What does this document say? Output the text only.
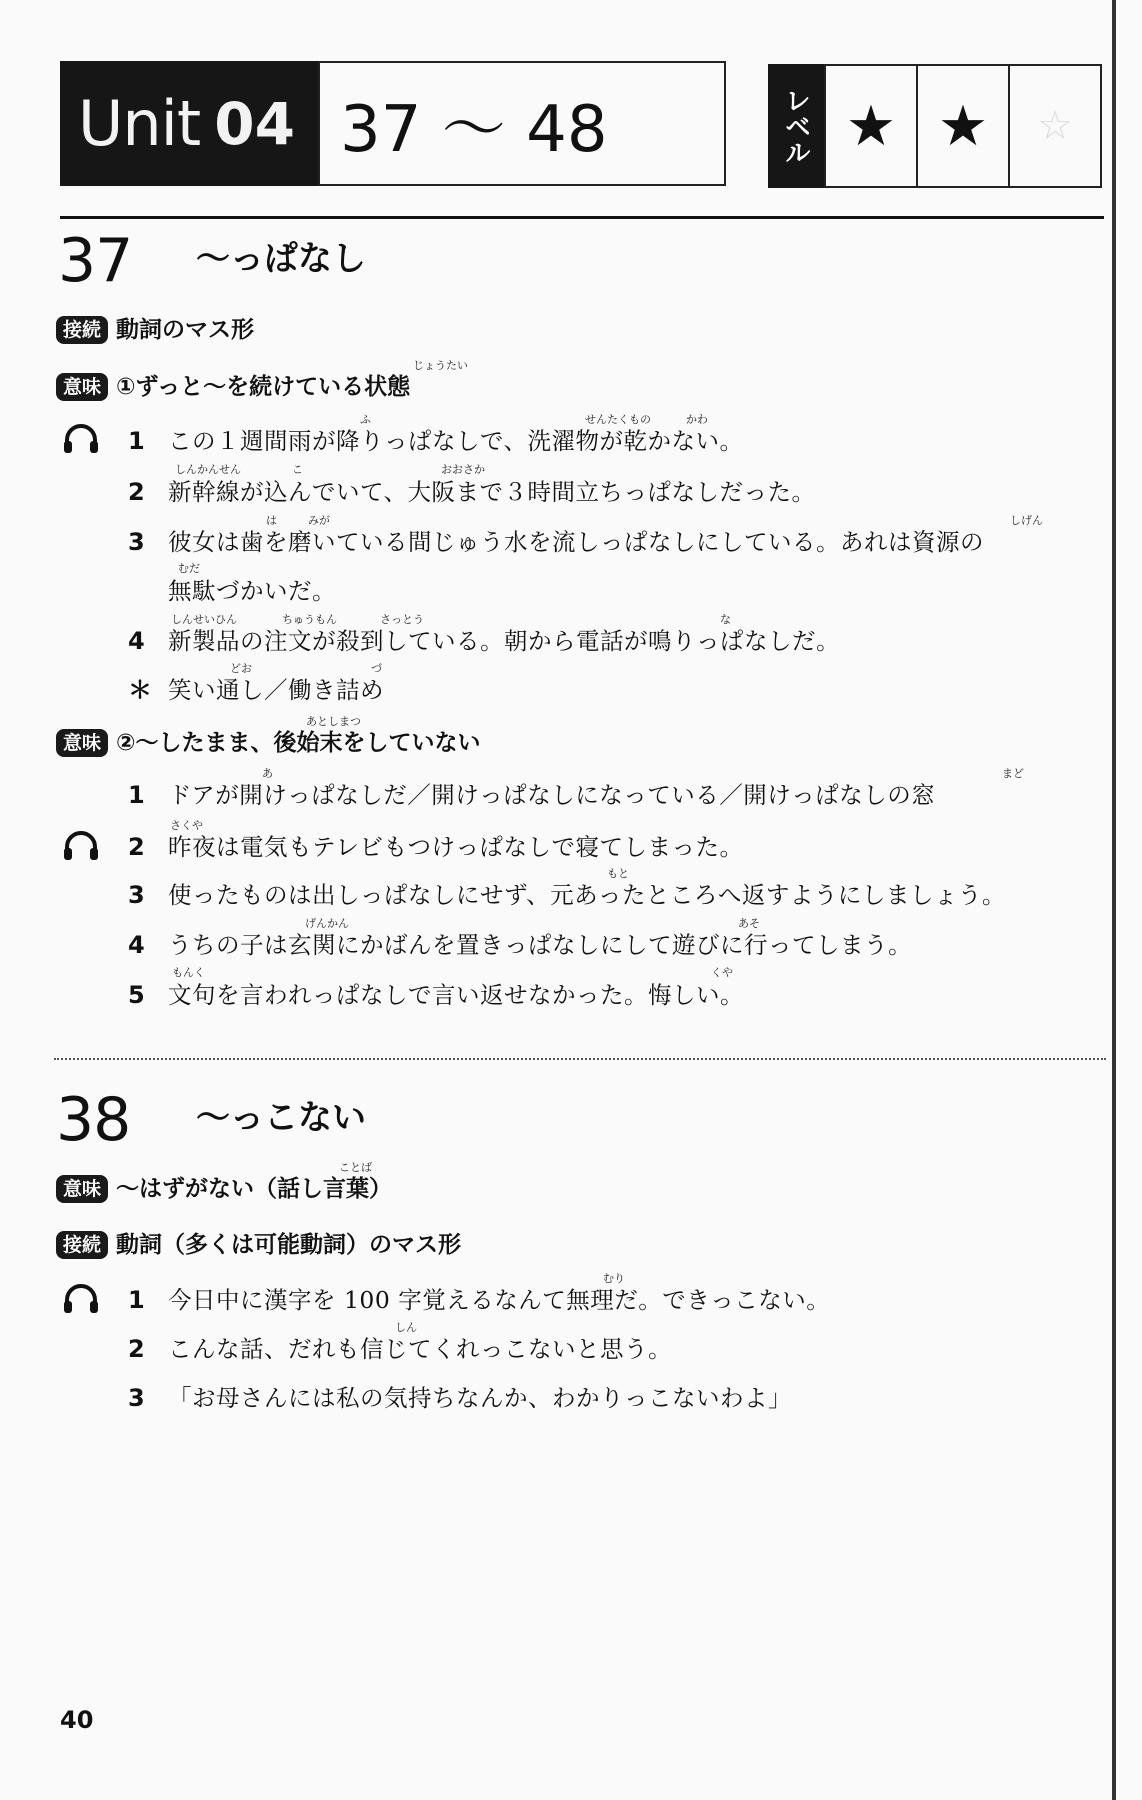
Unit 04 37 〜 48	レベル ★ ★	☆
37 〜っぱなし
接続 動詞のマス形
じょうたい
意味 ①ずっと〜を続けている状態
ふ	せんたくもの	かわ
1 この１週間雨が降りっぱなしで、洗濯物が乾かない。
しんかんせん	こ	おおさか
2 新幹線が込んでいて、大阪まで３時間立ちっぱなしだった。
は	みが	しげん
3 彼女は歯を磨いている間じゅう水を流しっぱなしにしている。あれは資源の
むだ
無駄づかいだ。
しんせいひん	ちゅうもん	さっとう	な
4 新製品の注文が殺到している。朝から電話が鳴りっぱなしだ。
どお	づ
＊ 笑い通し／働き詰め
あとしまつ
意味 ②〜したまま、後始末をしていない
あ	まど
1 ドアが開けっぱなしだ／開けっぱなしになっている／開けっぱなしの窓
さくや
2 昨夜は電気もテレビもつけっぱなしで寝てしまった。
もと
3 使ったものは出しっぱなしにせず、元あったところへ返すようにしましょう。
げんかん	あそ
4 うちの子は玄関にかばんを置きっぱなしにして遊びに行ってしまう。
もんく	くや
5 文句を言われっぱなしで言い返せなかった。悔しい。
38 〜っこない
ことば
意味 〜はずがない（話し言葉）
接続 動詞（多くは可能動詞）のマス形
むり
1 今日中に漢字を 100 字覚えるなんて無理だ。できっこない。
しん
2 こんな話、だれも信じてくれっこないと思う。
3 「お母さんには私の気持ちなんか、わかりっこないわよ」
40
